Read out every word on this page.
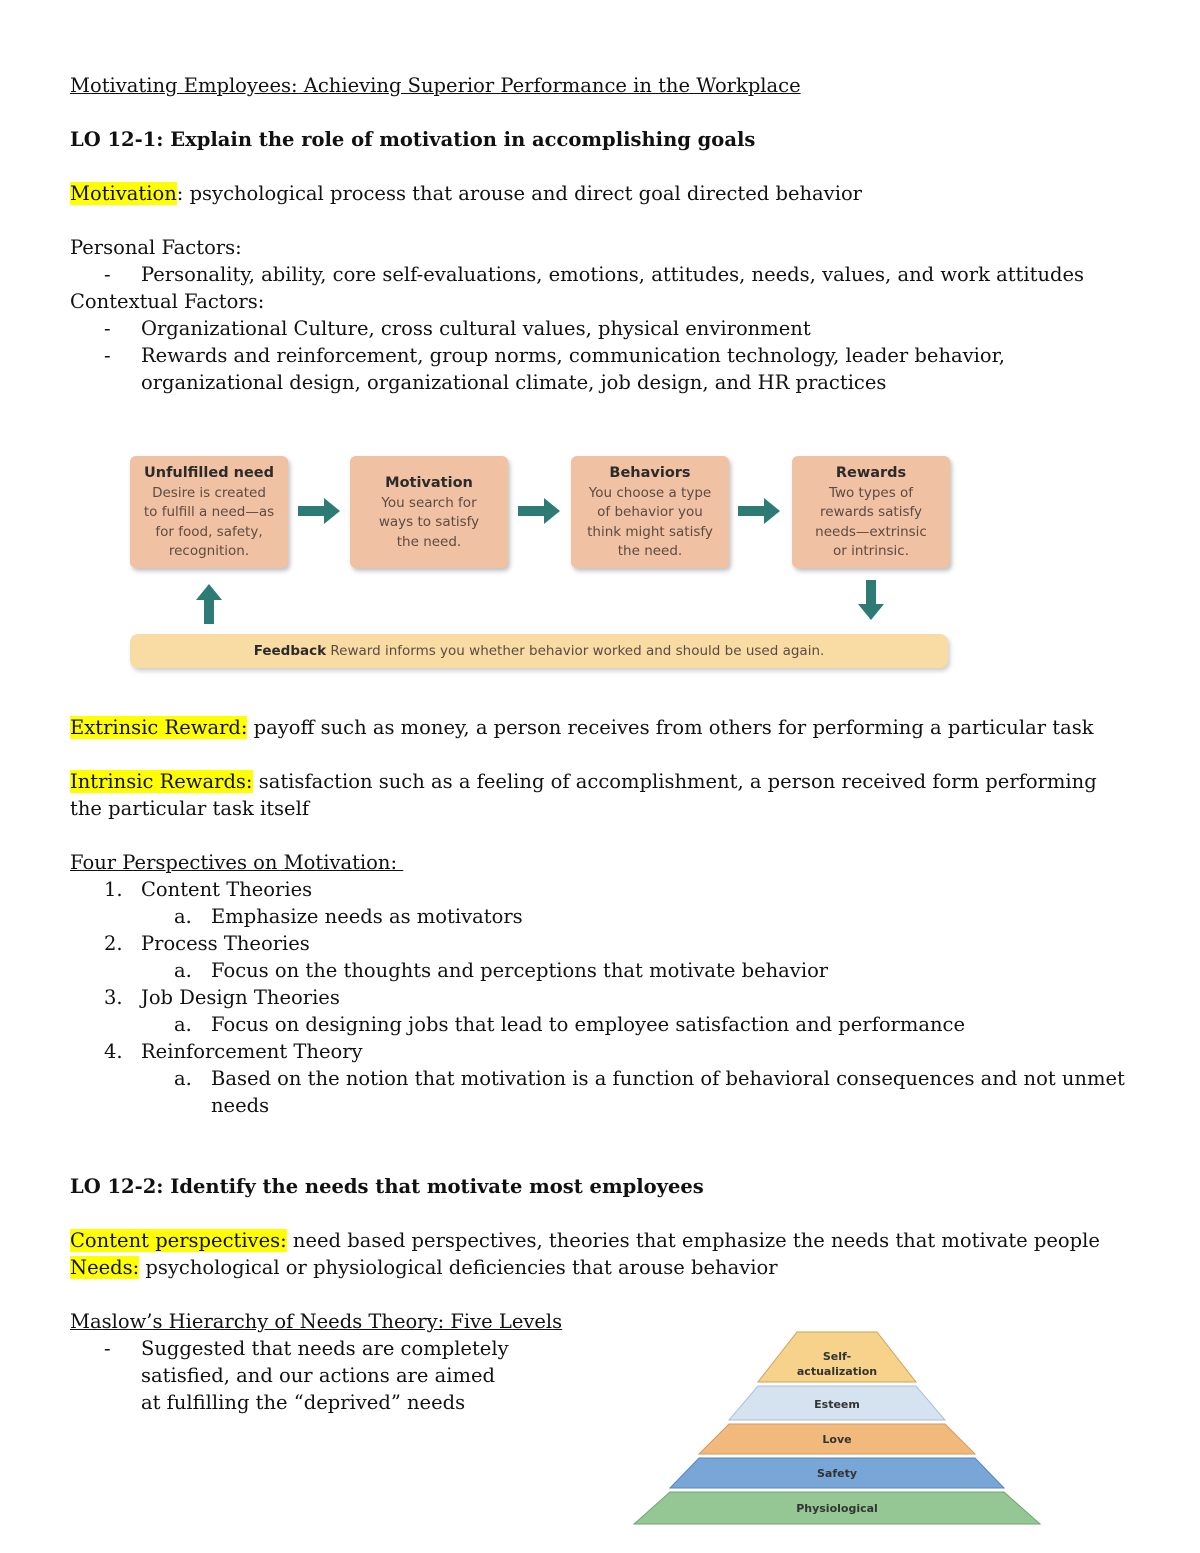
Motivating Employees: Achieving Superior Performance in the Workplace

LO 12-1: Explain the role of motivation in accomplishing goals

Motivation: psychological process that arouse and direct goal directed behavior

Personal Factors:

- Personality, ability, core self-evaluations, emotions, attitudes, needs, values, and work attitudes

Contextual Factors:

- Organizational Culture, cross cultural values, physical environment
- Rewards and reinforcement, group norms, communication technology, leader behavior, organizational design, organizational climate, job design, and HR practices

Extrinsic Reward: payoff such as money, a person receives from others for performing a particular task

Intrinsic Rewards: satisfaction such as a feeling of accomplishment, a person received form performing the particular task itself

Four Perspectives on Motivation:

1. Content Theories
a. Emphasize needs as motivators
2. Process Theories
a. Focus on the thoughts and perceptions that motivate behavior
3. Job Design Theories
a. Focus on designing jobs that lead to employee satisfaction and performance
4. Reinforcement Theory
a. Based on the notion that motivation is a function of behavioral consequences and not unmet needs

LO 12-2: Identify the needs that motivate most employees

Content perspectives: need based perspectives, theories that emphasize the needs that motivate people

Needs: psychological or physiological deficiencies that arouse behavior

Maslow’s Hierarchy of Needs Theory: Five Levels

- Suggested that needs are completely satisfied, and our actions are aimed at fulfilling the “deprived” needs
Unfulfilled need
Desire is created
to fulfill a need—as
for food, safety,
recognition.
Motivation
You search for
ways to satisfy
the need.
Behaviors
You choose a type
of behavior you
think might satisfy
the need.
Rewards
Two types of
rewards satisfy
needs—extrinsic
or intrinsic.
Feedback Reward informs you whether behavior worked and should be used again.
Self-
actualization
Esteem
Love
Safety
Physiological
